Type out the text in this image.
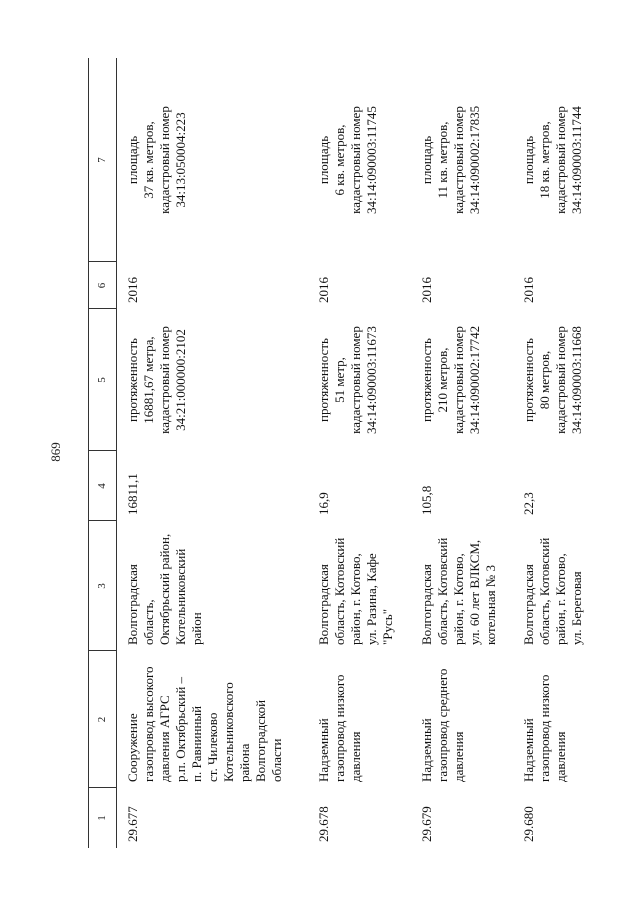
869
1
2
3
4
5
6
7
29.677
Сооружение газопровод высокого давления АГРС р.п. Октябрьский – п. Равнинный ст. Чилеково Котельниковского района Волгоградской области
Волгоградская область, Октябрьский район, Котельниковский район
16811,1
протяженность 16881,67 метра, кадастровый номер 34:21:000000:2102
2016
площадь 37 кв. метров, кадастровый номер 34:13:050004:223
29.678
Надземный газопровод низкого давления
Волгоградская область, Котовский район, г. Котово, ул. Разина, Кафе "Русь"
16,9
протяженность 51 метр, кадастровый номер 34:14:090003:11673
2016
площадь 6 кв. метров, кадастровый номер 34:14:090003:11745
29.679
Надземный газопровод среднего давления
Волгоградская область, Котовский район, г. Котово, ул. 60 лет ВЛКСМ, котельная № 3
105,8
протяженность 210 метров, кадастровый номер 34:14:090002:17742
2016
площадь 11 кв. метров, кадастровый номер 34:14:090002:17835
29.680
Надземный газопровод низкого давления
Волгоградская область, Котовский район, г. Котово, ул. Береговая
22,3
протяженность 80 метров, кадастровый номер 34:14:090003:11668
2016
площадь 18 кв. метров, кадастровый номер 34:14:090003:11744
